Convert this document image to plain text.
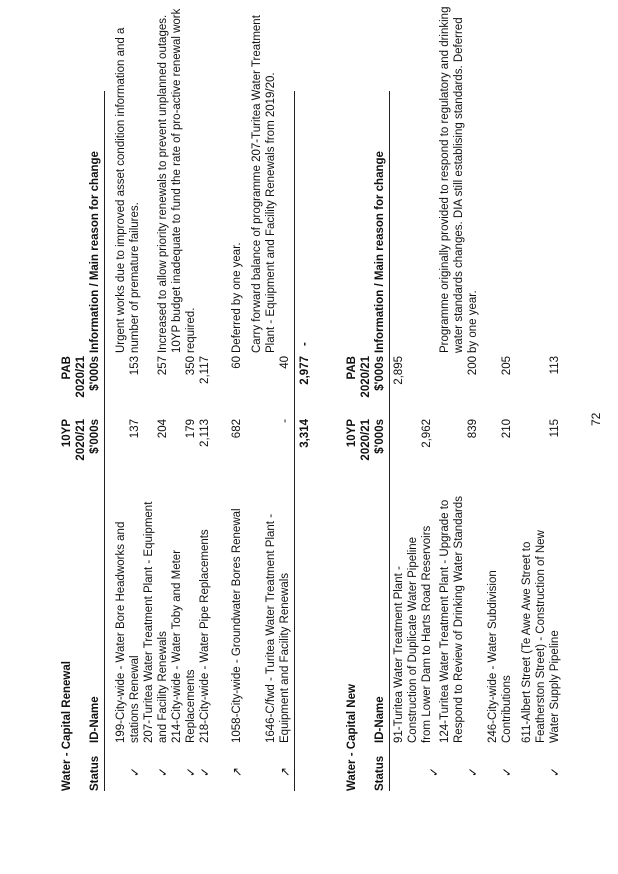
Water - Capital Renewal
10YP 2020/21 $'000s
PAB 2020/21 $'000s
Status
ID-Name
Information / Main reason for change
✓
199-City-wide - Water Bore Headworks and stations Renewal
137
153
Urgent works due to improved asset condition information and a number of premature failures.
✓
207-Turitea Water Treatment Plant - Equipment and Facility Renewals
204
257
Increased to allow priority renewals to prevent unplanned outages.
✓
214-City-wide - Water Toby and Meter Replacements
179
350
10YP budget inadequate to fund the rate of pro-active renewal work required.
✓
218-City-wide - Water Pipe Replacements
2,113
2,117
↗
1058-City-wide - Groundwater Bores Renewal
682
60
Deferred by one year.
↗
1646-C/fwd - Turitea Water Treatment Plant - Equipment and Facility Renewals
-
40
Carry forward balance of programme 207-Turitea Water Treatment Plant - Equipment and Facility Renewals from 2019/20.
3,314
2,977
-
Water - Capital New
10YP 2020/21 $'000s
PAB 2020/21 $'000s
Status
ID-Name
Information / Main reason for change
✓
91-Turitea Water Treatment Plant - Construction of Duplicate Water Pipeline from Lower Dam to Harts Road Reservoirs
2,962
2,895
✓
124-Turitea Water Treatment Plant - Upgrade to Respond to Review of Drinking Water Standards
839
200
Programme originally provided to respond to regulatory and drinking water standards changes. DIA still establising standards. Deferred by one year.
✓
246-City-wide - Water Subdivision Contributions
210
205
✓
611-Albert Street (Te Awe Awe Street to Featherston Street) - Construction of New Water Supply Pipeline
115
113
72
